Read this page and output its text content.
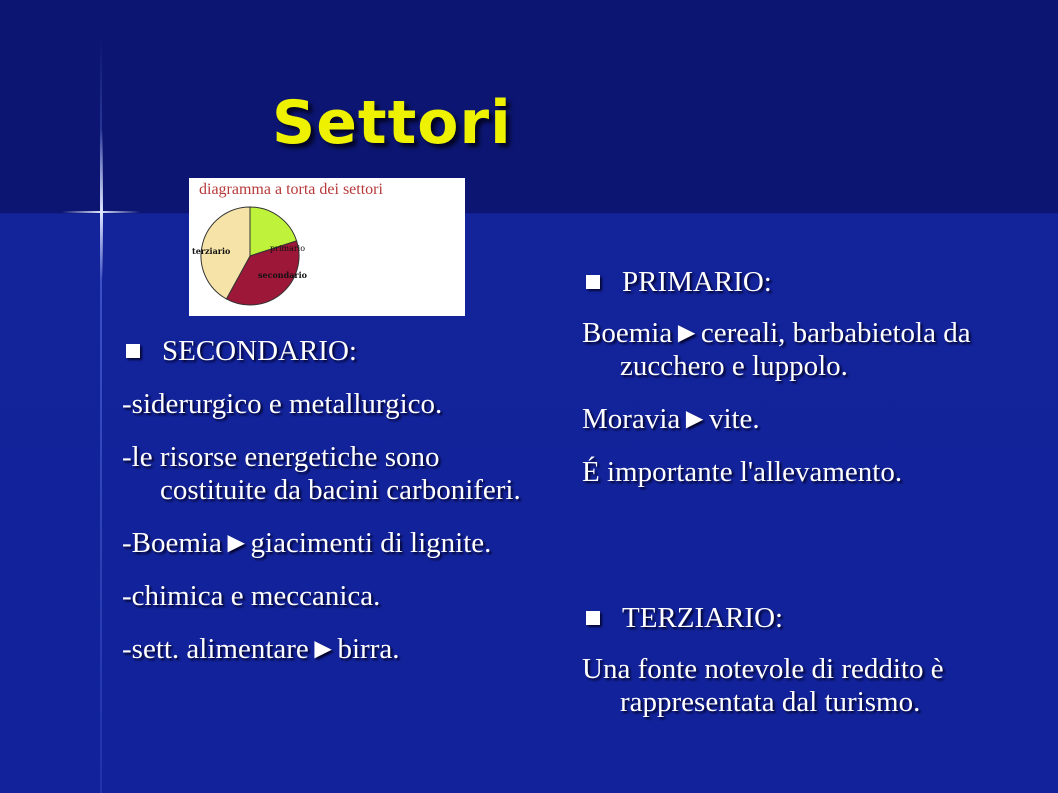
Settori
diagramma a torta dei settori
primario
secondario
terziario
SECONDARIO:
-siderurgico e metallurgico.
-le risorse energetiche sono costituite da bacini carboniferi.
-Boemia►giacimenti di lignite.
-chimica e meccanica.
-sett. alimentare►birra.
PRIMARIO:
Boemia►cereali, barbabietola da zucchero e luppolo.
Moravia►vite.
É importante l'allevamento.
TERZIARIO:
Una fonte notevole di reddito è rappresentata dal turismo.
